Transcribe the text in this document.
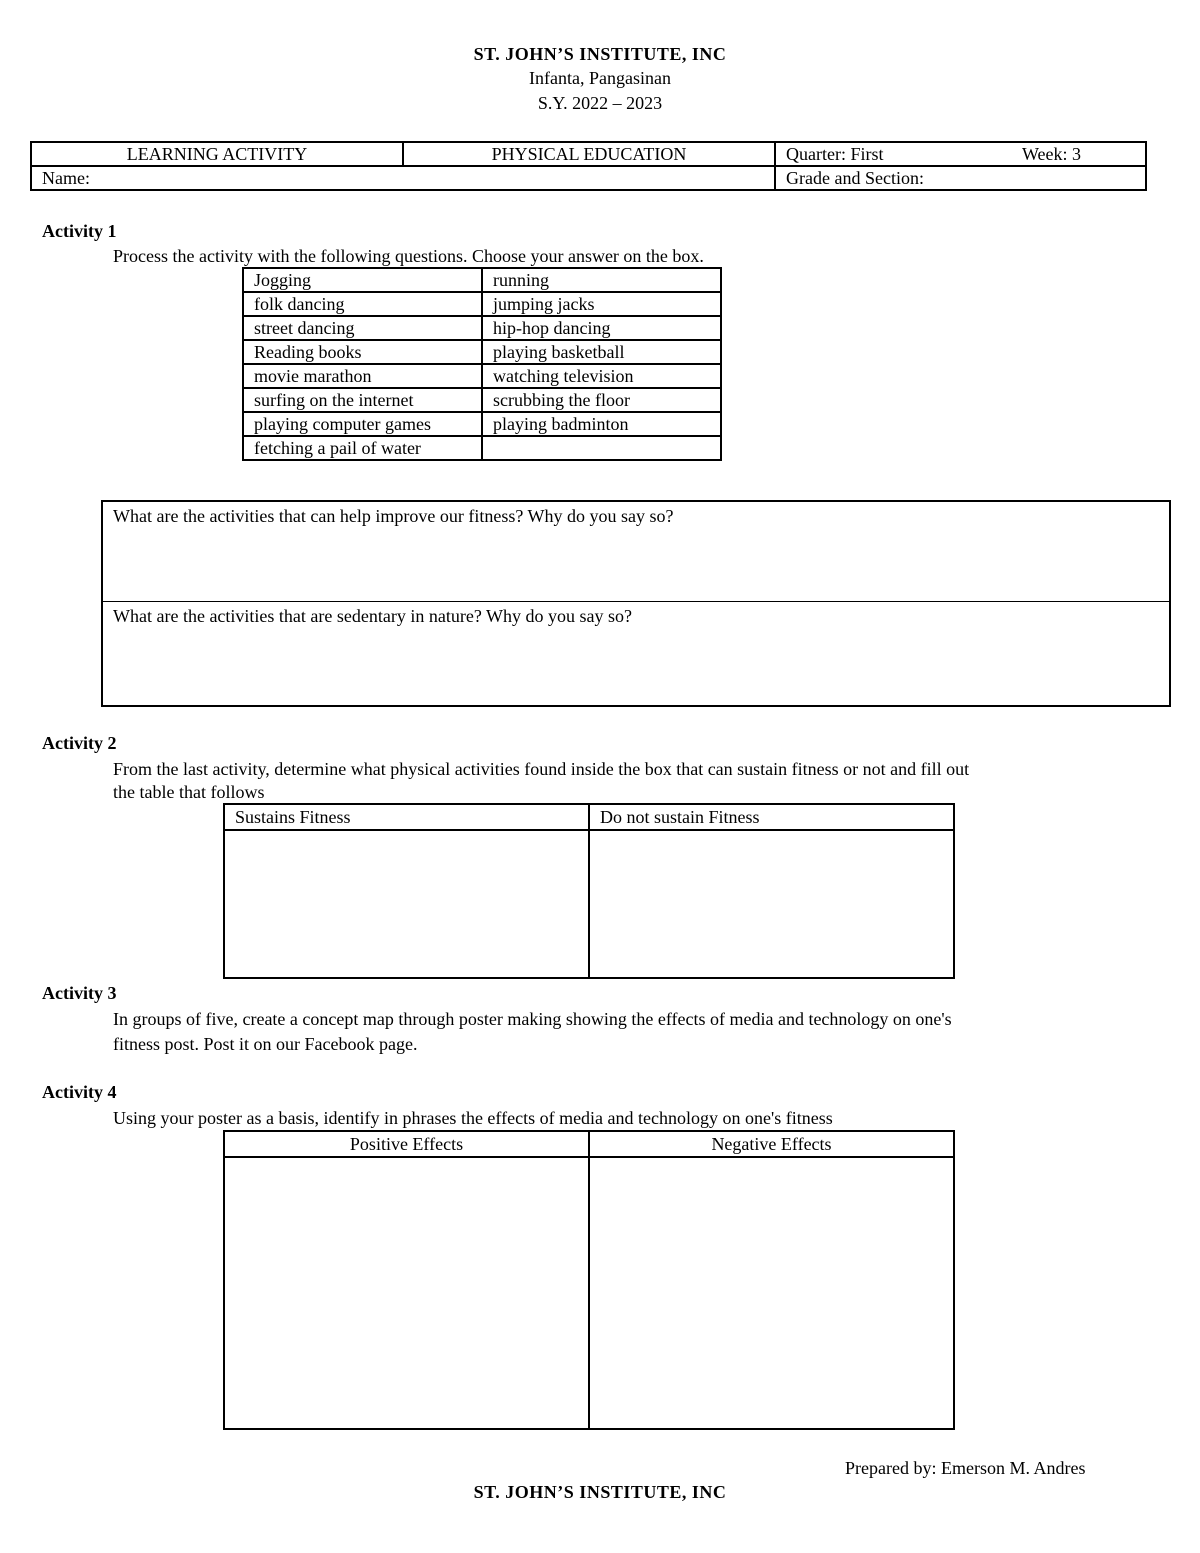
ST. JOHN’S INSTITUTE, INC
Infanta, Pangasinan
S.Y. 2022 – 2023
LEARNING ACTIVITY	PHYSICAL EDUCATION	Quarter: First Week: 3

Name:		Grade and Section:
Activity 1
Process the activity with the following questions. Choose your answer on the box.
Jogging	running
folk dancing	jumping jacks
street dancing	hip-hop dancing
Reading books	playing basketball
movie marathon	watching television
surfing on the internet	scrubbing the floor
playing computer games	playing badminton
fetching a pail of water	
What are the activities that can help improve our fitness? Why do you say so?
What are the activities that are sedentary in nature? Why do you say so?
Activity 2
From the last activity, determine what physical activities found inside the box that can sustain fitness or not and fill out
the table that follows
Sustains Fitness	Do not sustain Fitness

Activity 3
In groups of five, create a concept map through poster making showing the effects of media and technology on one's
fitness post. Post it on our Facebook page.
Activity 4
Using your poster as a basis, identify in phrases the effects of media and technology on one's fitness
Positive Effects	Negative Effects

Prepared by: Emerson M. Andres
ST. JOHN’S INSTITUTE, INC
